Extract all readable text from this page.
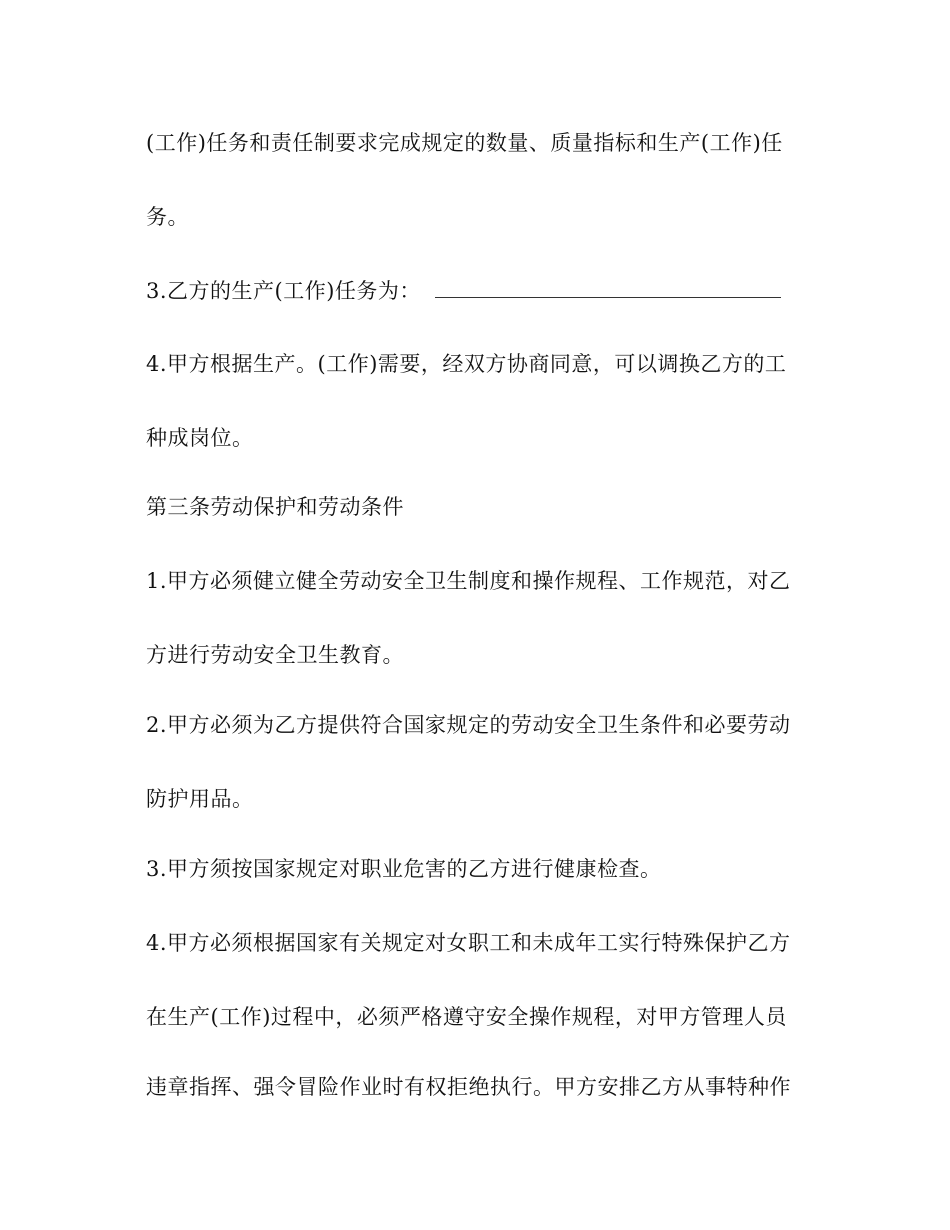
(工作)任务和责任制要求完成规定的数量、质量指标和生产(工作)任
务。
3.乙方的生产(工作)任务为：
4.甲方根据生产。(工作)需要，经双方协商同意，可以调换乙方的工
种成岗位。
第三条劳动保护和劳动条件
1.甲方必须健立健全劳动安全卫生制度和操作规程、工作规范，对乙
方进行劳动安全卫生教育。
2.甲方必须为乙方提供符合国家规定的劳动安全卫生条件和必要劳动
防护用品。
3.甲方须按国家规定对职业危害的乙方进行健康检查。
4.甲方必须根据国家有关规定对女职工和未成年工实行特殊保护乙方
在生产(工作)过程中，必须严格遵守安全操作规程，对甲方管理人员
违章指挥、强令冒险作业时有权拒绝执行。甲方安排乙方从事特种作
